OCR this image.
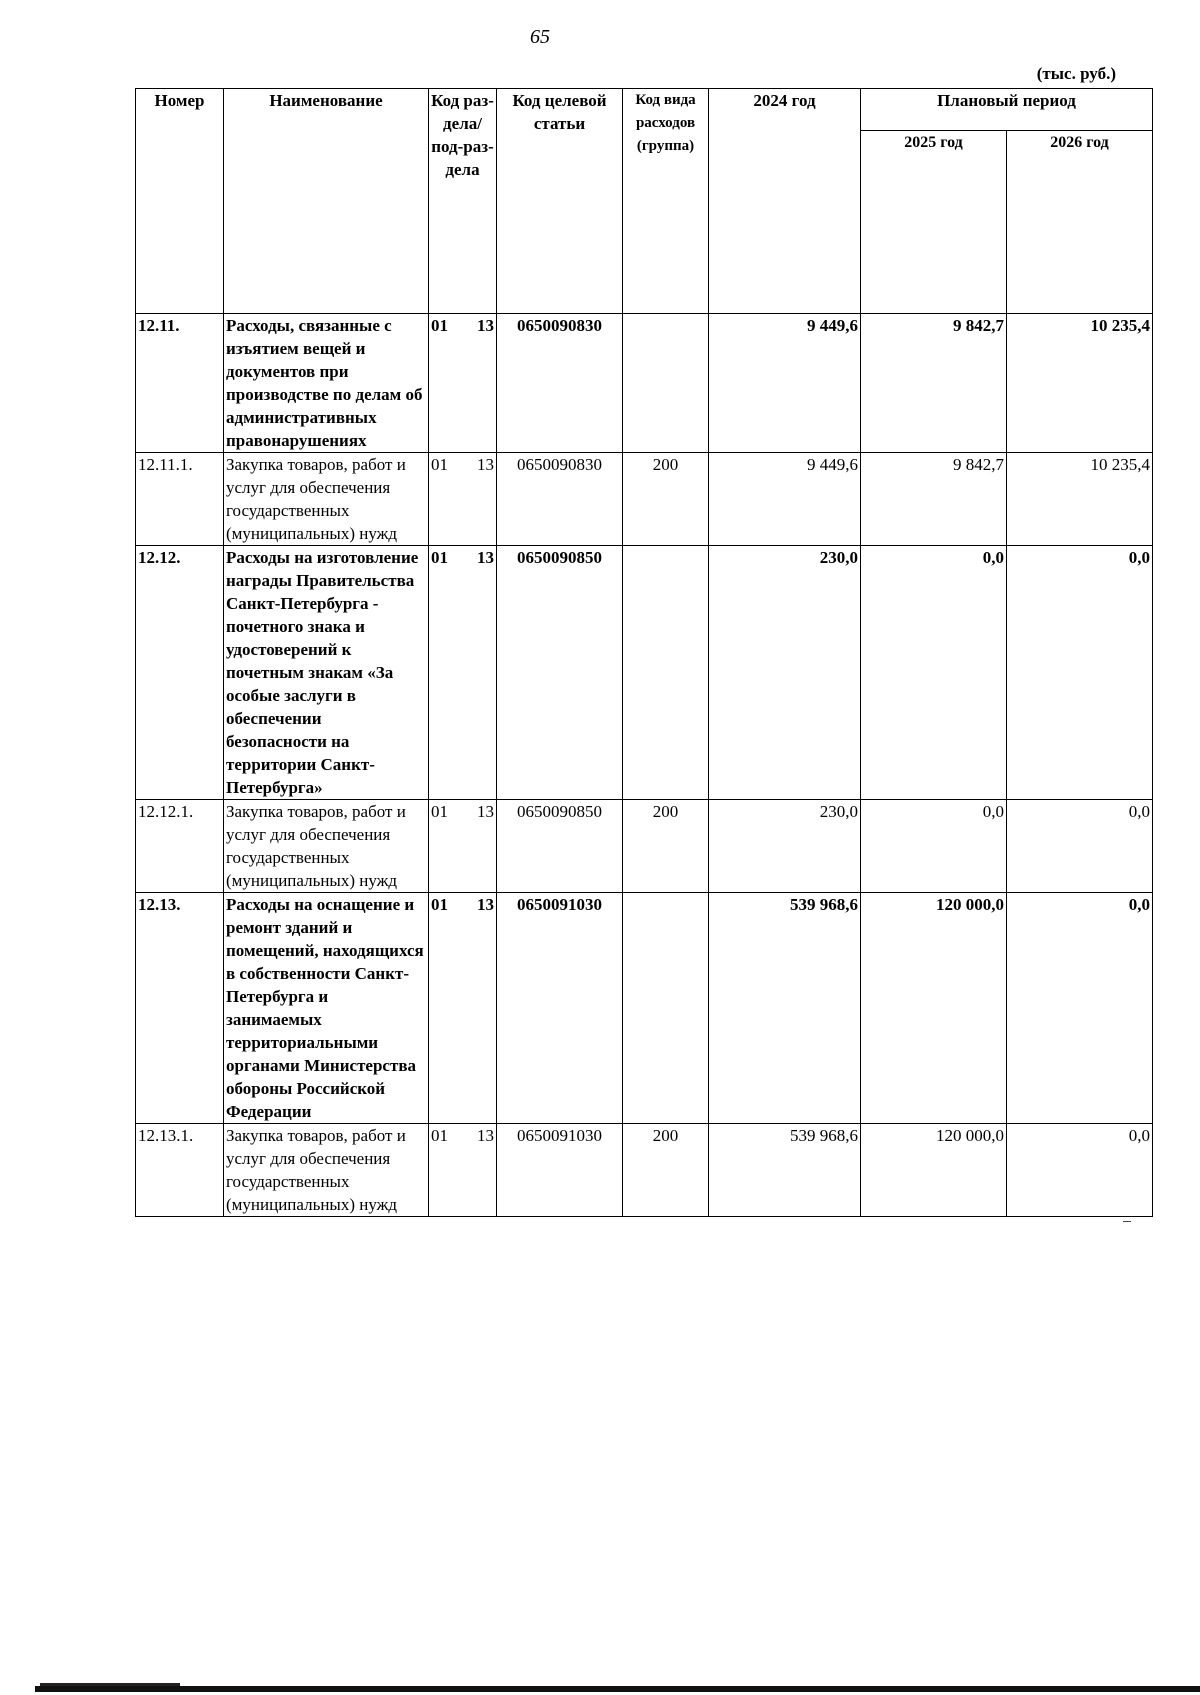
65
(тыс. руб.)
Номер	Наименование	Код раз-дела/ под-раз-дела	Код целевой статьи	Код вида расходов (группа)	2024 год	Плановый период	
						2025 год	2026 год
12.11.	Расходы, связанные с изъятием вещей и документов при производстве по делам об административных правонарушениях	01 13	0650090830		9 449,6	9 842,7	10 235,4
12.11.1.	Закупка товаров, работ и услуг для обеспечения государственных (муниципальных) нужд	01 13	0650090830	200	9 449,6	9 842,7	10 235,4
12.12.	Расходы на изготовление награды Правительства Санкт-Петербурга - почетного знака и удостоверений к почетным знакам «За особые заслуги в обеспечении безопасности на территории Санкт-Петербурга»	01 13	0650090850		230,0	0,0	0,0
12.12.1.	Закупка товаров, работ и услуг для обеспечения государственных (муниципальных) нужд	01 13	0650090850	200	230,0	0,0	0,0
12.13.	Расходы на оснащение и ремонт зданий и помещений, находящихся в собственности Санкт-Петербурга и занимаемых территориальными органами Министерства обороны Российской Федерации	01 13	0650091030		539 968,6	120 000,0	0,0
12.13.1.	Закупка товаров, работ и услуг для обеспечения государственных (муниципальных) нужд	01 13	0650091030	200	539 968,6	120 000,0	0,0
